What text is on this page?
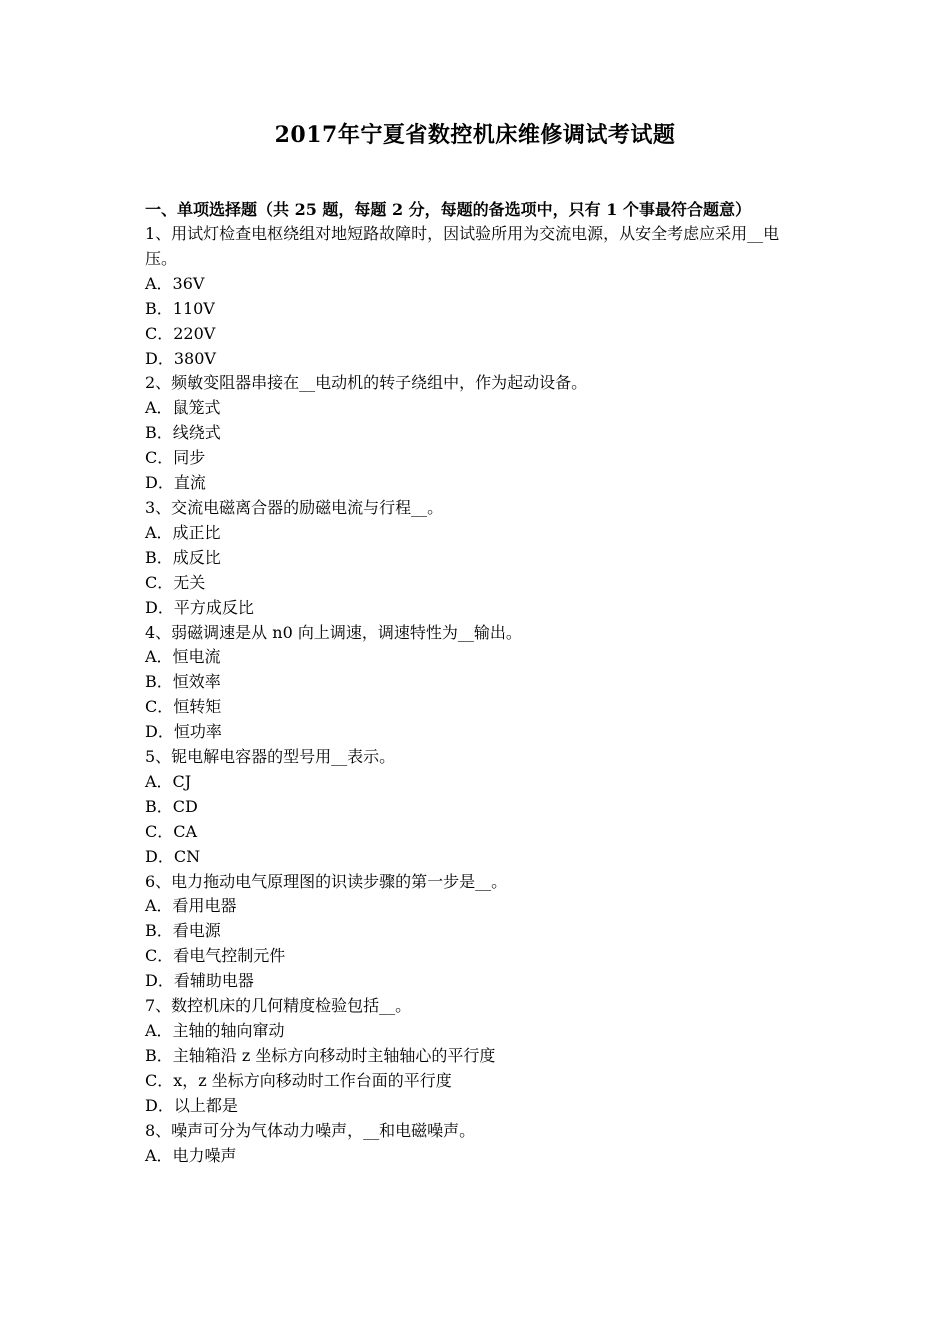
2017年宁夏省数控机床维修调试考试题
一、单项选择题（共 25 题，每题 2 分，每题的备选项中，只有 1 个事最符合题意）
1、用试灯检查电枢绕组对地短路故障时，因试验所用为交流电源，从安全考虑应采用__电压。
A．36V
B．110V
C．220V
D．380V
2、频敏变阻器串接在__电动机的转子绕组中，作为起动设备。
A．鼠笼式
B．线绕式
C．同步
D．直流
3、交流电磁离合器的励磁电流与行程__。
A．成正比
B．成反比
C．无关
D．平方成反比
4、弱磁调速是从 n0 向上调速，调速特性为__输出。
A．恒电流
B．恒效率
C．恒转矩
D．恒功率
5、铌电解电容器的型号用__表示。
A．CJ
B．CD
C．CA
D．CN
6、电力拖动电气原理图的识读步骤的第一步是__。
A．看用电器
B．看电源
C．看电气控制元件
D．看辅助电器
7、数控机床的几何精度检验包括__。
A．主轴的轴向窜动
B．主轴箱沿 z 坐标方向移动时主轴轴心的平行度
C．x，z 坐标方向移动时工作台面的平行度
D．以上都是
8、噪声可分为气体动力噪声，__和电磁噪声。
A．电力噪声
